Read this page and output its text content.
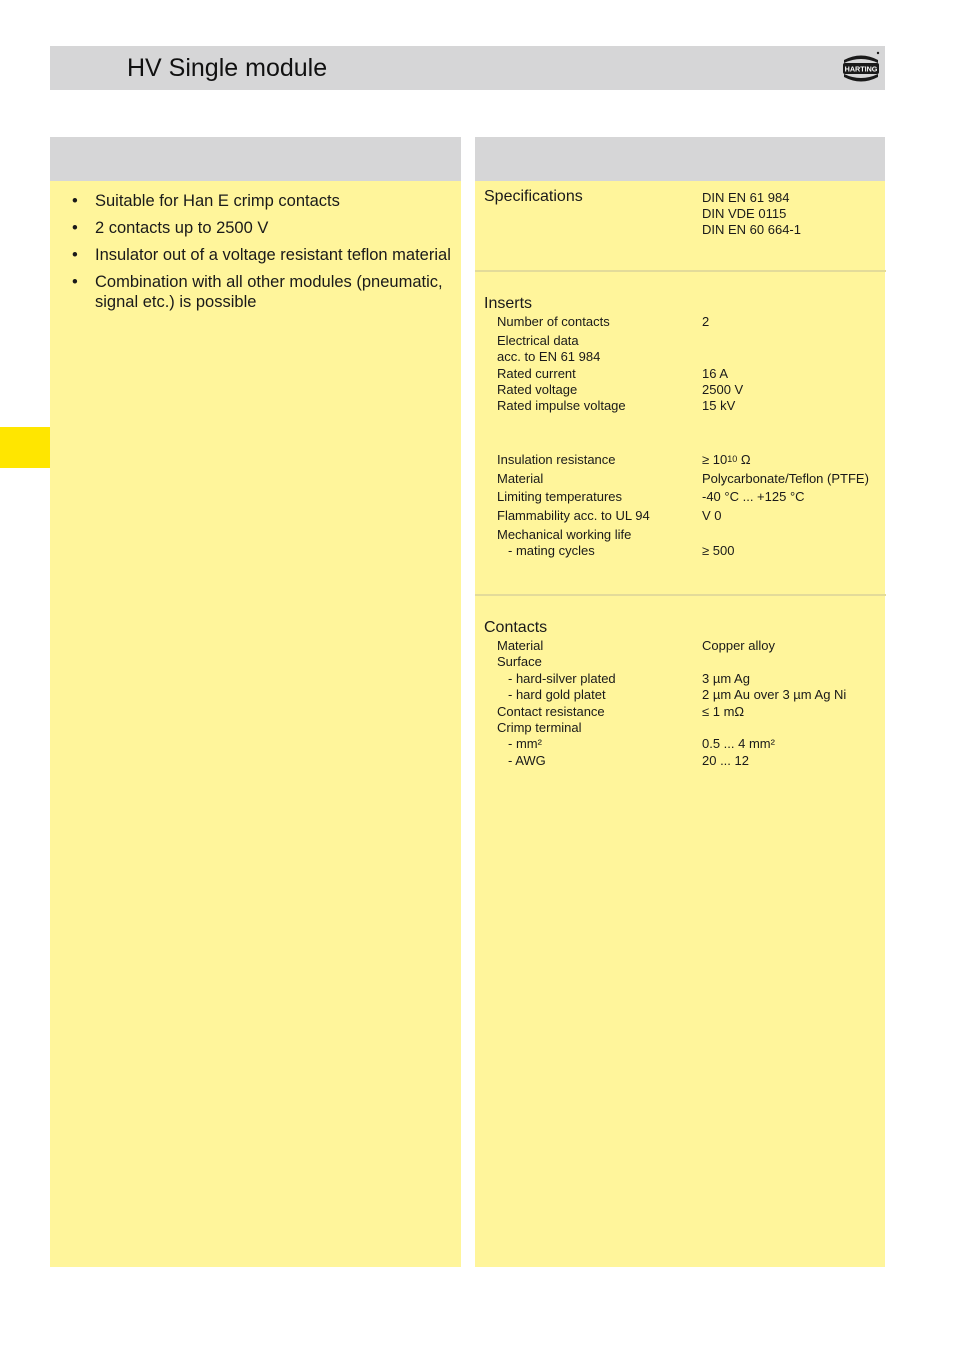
HV Single module	HARTING
• Suitable for Han E crimp contacts
• 2 contacts up to 2500 V
• Insulator out of a voltage resistant teflon material
• Combination with all other modules (pneumatic, signal etc.) is possible
Specifications	DIN EN 61 984
DIN VDE 0115
DIN EN 60 664-1
Inserts
Number of contacts	2
Electrical data
acc. to EN 61 984
Rated current	16 A
Rated voltage	2500 V
Rated impulse voltage	15 kV
Insulation resistance	≥ $10^{10}$ Ω
Material	Polycarbonate/Teflon (PTFE)
Limiting temperatures	-40 °C ... +125 °C
Flammability acc. to UL 94	V 0
Mechanical working life
- mating cycles	≥ 500
Contacts
Material	Copper alloy
Surface
- hard-silver plated	3 µm Ag
- hard gold platet	2 µm Au over 3 µm Ag Ni
Contact resistance	≤ 1 mΩ
Crimp terminal
- mm²	0.5 ... 4 mm²
- AWG	20 ... 12
